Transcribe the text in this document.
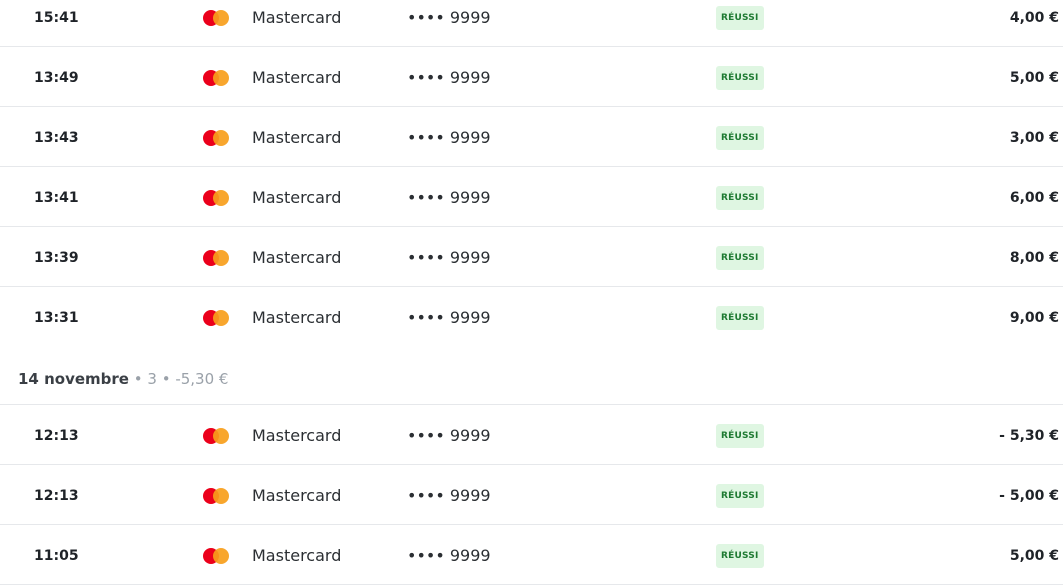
15:41	Mastercard	•••• 9999	RÉUSSI	4,00 €
13:49	Mastercard	•••• 9999	RÉUSSI	5,00 €
13:43	Mastercard	•••• 9999	RÉUSSI	3,00 €
13:41	Mastercard	•••• 9999	RÉUSSI	6,00 €
13:39	Mastercard	•••• 9999	RÉUSSI	8,00 €
13:31	Mastercard	•••• 9999	RÉUSSI	9,00 €
14 novembre • 3 • -5,30 €
12:13	Mastercard	•••• 9999	RÉUSSI	- 5,30 €
12:13	Mastercard	•••• 9999	RÉUSSI	- 5,00 €
11:05	Mastercard	•••• 9999	RÉUSSI	5,00 €
